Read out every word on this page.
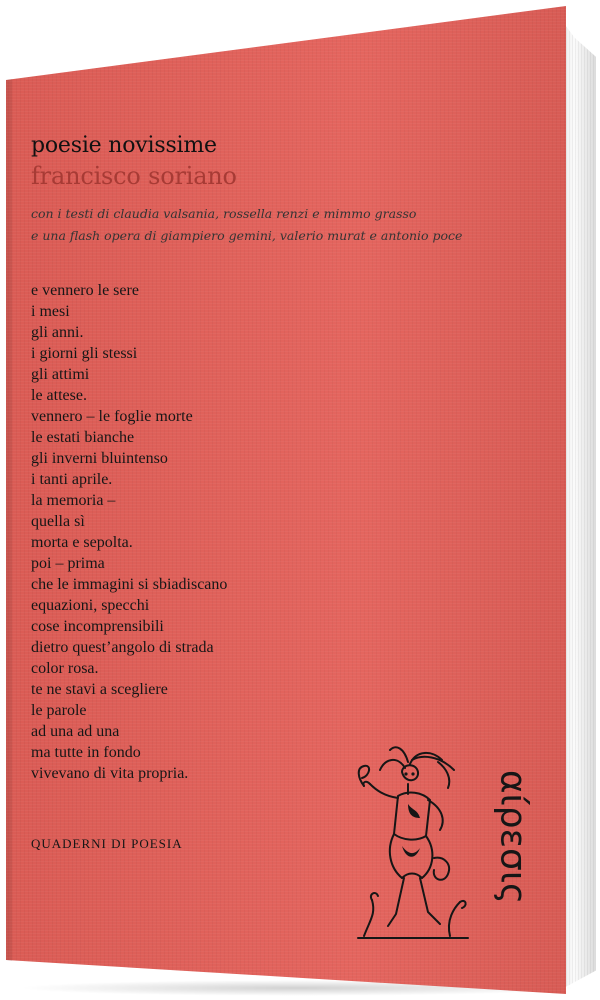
poesie novissime
francisco soriano
con i testi di claudia valsania, rossella renzi e mimmo grasso
e una flash opera di giampiero gemini, valerio murat e antonio poce
e vennero le sere
i mesi
gli anni.
i giorni gli stessi
gli attimi
le attese.
vennero – le foglie morte
le estati bianche
gli inverni bluintenso
i tanti aprile.
la memoria –
quella sì
morta e sepolta.
poi – prima
che le immagini si sbiadiscano
equazioni, specchi
cose incomprensibili
dietro quest’angolo di strada
color rosa.
te ne stavi a scegliere
le parole
ad una ad una
ma tutte in fondo
vivevano di vita propria.
QUADERNI DI POESIA	αίρεσις
